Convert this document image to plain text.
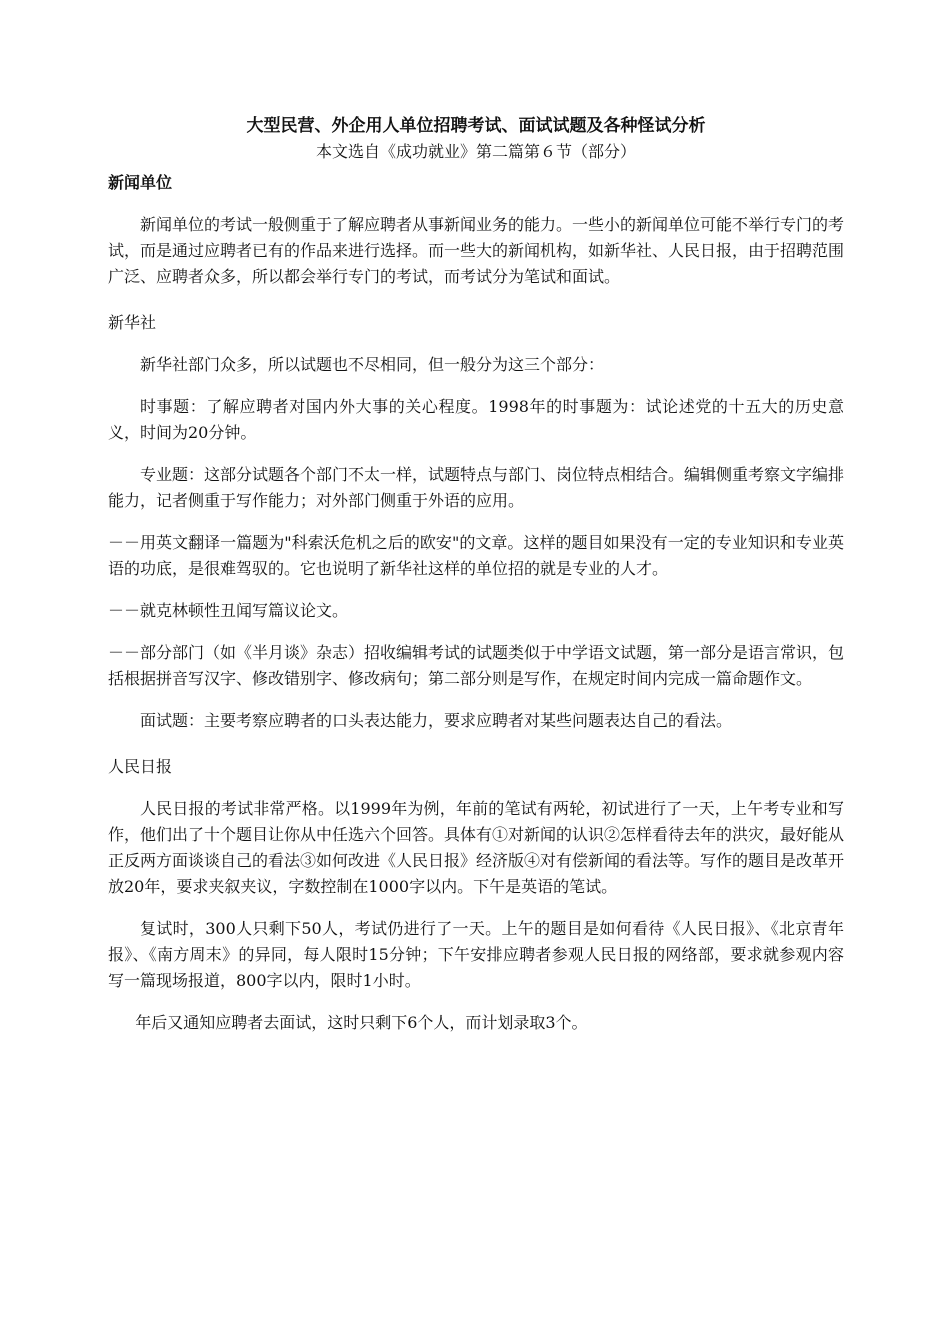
大型民营、外企用人单位招聘考试、面试试题及各种怪试分析
本文选自《成功就业》第二篇第６节（部分）
新闻单位

新闻单位的考试一般侧重于了解应聘者从事新闻业务的能力。一些小的新闻单位可能不举行专门的考试，而是通过应聘者已有的作品来进行选择。而一些大的新闻机构，如新华社、人民日报，由于招聘范围广泛、应聘者众多，所以都会举行专门的考试，而考试分为笔试和面试。

新华社

新华社部门众多，所以试题也不尽相同，但一般分为这三个部分：

时事题：了解应聘者对国内外大事的关心程度。1998年的时事题为：试论述党的十五大的历史意义，时间为20分钟。

专业题：这部分试题各个部门不太一样，试题特点与部门、岗位特点相结合。编辑侧重考察文字编排能力，记者侧重于写作能力；对外部门侧重于外语的应用。

－－用英文翻译一篇题为"科索沃危机之后的欧安"的文章。这样的题目如果没有一定的专业知识和专业英语的功底，是很难驾驭的。它也说明了新华社这样的单位招的就是专业的人才。

－－就克林顿性丑闻写篇议论文。

－－部分部门（如《半月谈》杂志）招收编辑考试的试题类似于中学语文试题，第一部分是语言常识，包括根据拼音写汉字、修改错别字、修改病句；第二部分则是写作，在规定时间内完成一篇命题作文。

面试题：主要考察应聘者的口头表达能力，要求应聘者对某些问题表达自己的看法。

人民日报

人民日报的考试非常严格。以1999年为例，年前的笔试有两轮，初试进行了一天，上午考专业和写作，他们出了十个题目让你从中任选六个回答。具体有①对新闻的认识②怎样看待去年的洪灾，最好能从正反两方面谈谈自己的看法③如何改进《人民日报》经济版④对有偿新闻的看法等。写作的题目是改革开放20年，要求夹叙夹议，字数控制在1000字以内。下午是英语的笔试。

复试时，300人只剩下50人，考试仍进行了一天。上午的题目是如何看待《人民日报》、《北京青年报》、《南方周末》的异同，每人限时15分钟；下午安排应聘者参观人民日报的网络部，要求就参观内容写一篇现场报道，800字以内，限时1小时。

年后又通知应聘者去面试，这时只剩下6个人，而计划录取3个。
